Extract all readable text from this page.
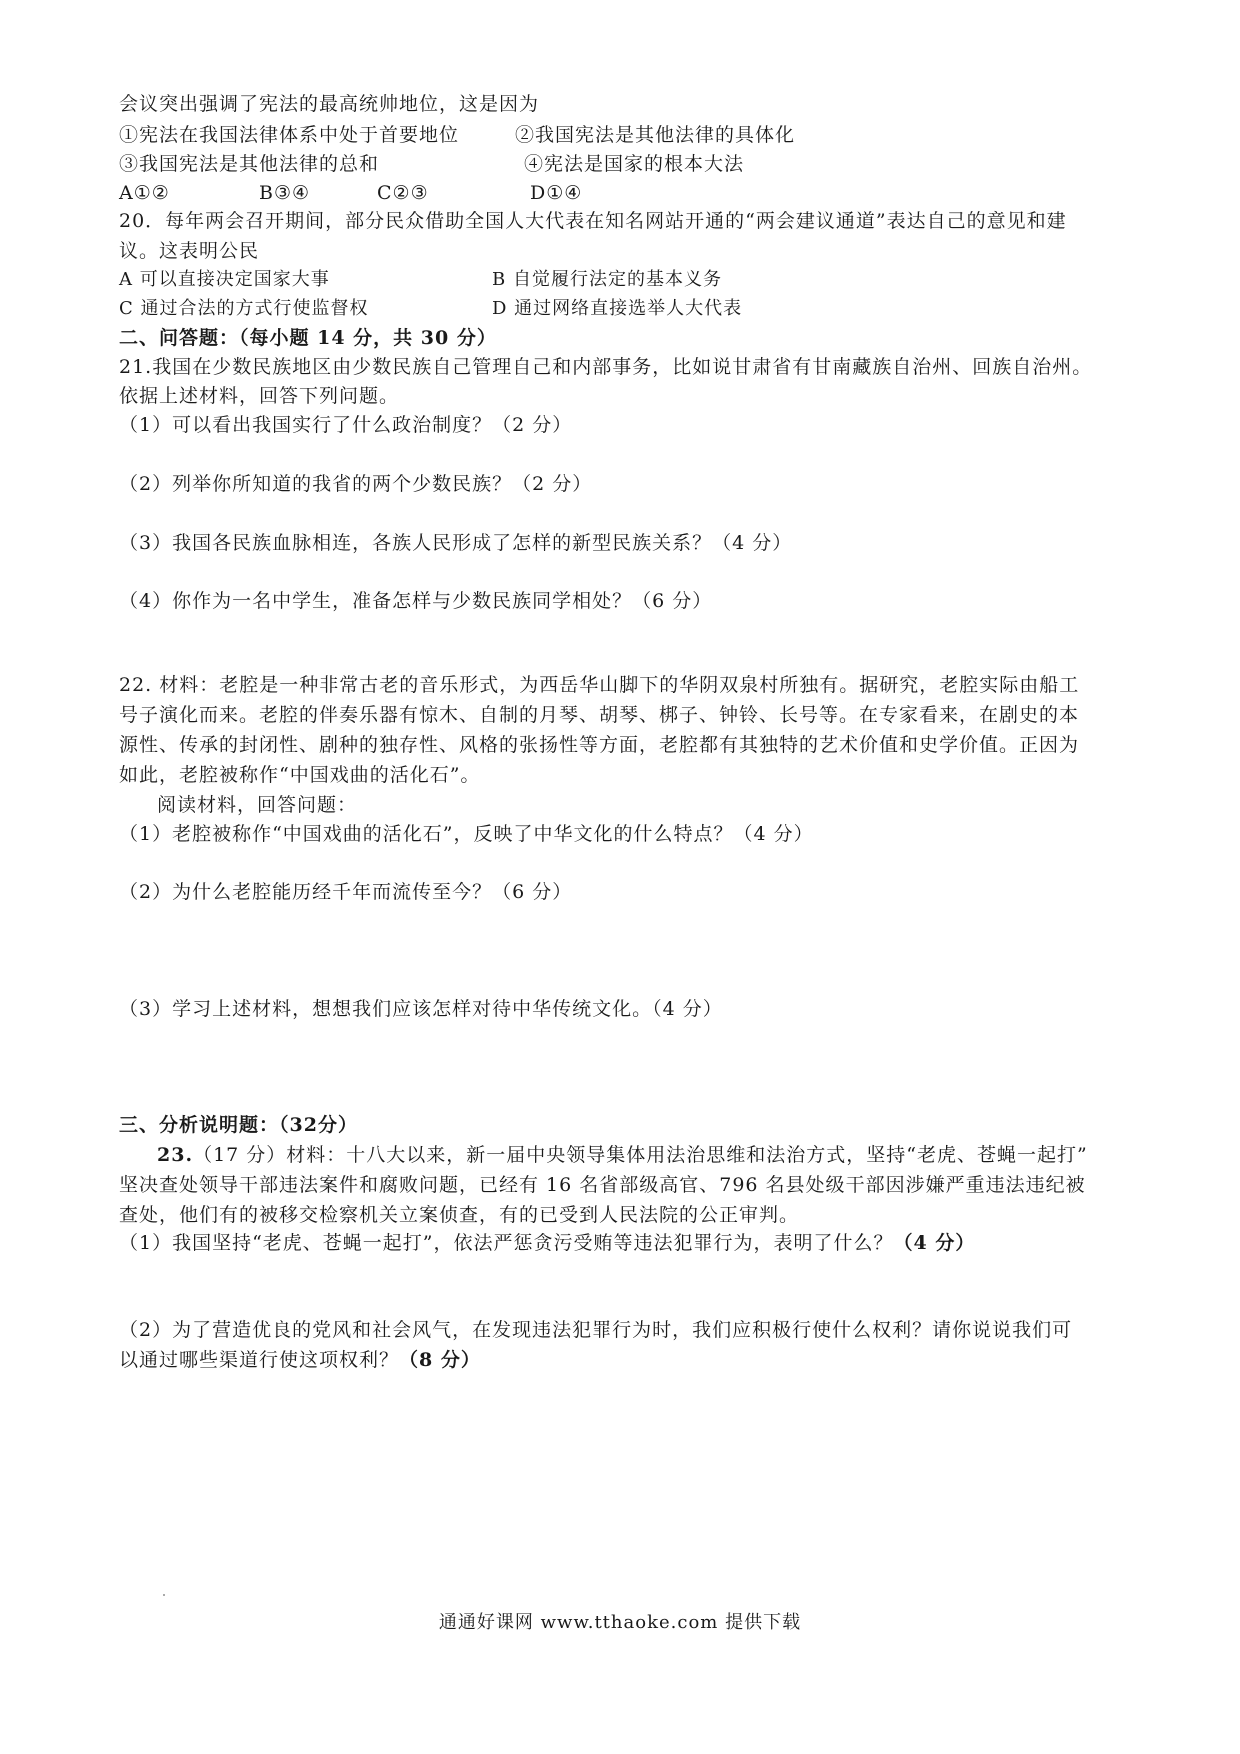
会议突出强调了宪法的最高统帅地位，这是因为
①宪法在我国法律体系中处于首要地位	②我国宪法是其他法律的具体化
③我国宪法是其他法律的总和	④宪法是国家的根本大法
A①②	B③④	C②③	D①④
20．每年两会召开期间，部分民众借助全国人大代表在知名网站开通的“两会建议通道”表达自己的意见和建
议。这表明公民
A 可以直接决定国家大事	B 自觉履行法定的基本义务
C 通过合法的方式行使监督权	D 通过网络直接选举人大代表
二、问答题：（每小题 14 分，共 30 分）
21.我国在少数民族地区由少数民族自己管理自己和内部事务，比如说甘肃省有甘南藏族自治州、回族自治州。
依据上述材料，回答下列问题。
（1）可以看出我国实行了什么政治制度？（2 分）
（2）列举你所知道的我省的两个少数民族？（2 分）
（3）我国各民族血脉相连，各族人民形成了怎样的新型民族关系？（4 分）
（4）你作为一名中学生，准备怎样与少数民族同学相处？（6 分）
22. 材料：老腔是一种非常古老的音乐形式，为西岳华山脚下的华阴双泉村所独有。据研究，老腔实际由船工
号子演化而来。老腔的伴奏乐器有惊木、自制的月琴、胡琴、梆子、钟铃、长号等。在专家看来，在剧史的本
源性、传承的封闭性、剧种的独存性、风格的张扬性等方面，老腔都有其独特的艺术价值和史学价值。正因为
如此，老腔被称作“中国戏曲的活化石”。
阅读材料，回答问题：
（1）老腔被称作“中国戏曲的活化石”，反映了中华文化的什么特点？（4 分）
（2）为什么老腔能历经千年而流传至今？（6 分）
（3）学习上述材料，想想我们应该怎样对待中华传统文化。（4 分）
三、分析说明题：（32分）
23.（17 分）材料：十八大以来，新一届中央领导集体用法治思维和法治方式，坚持“老虎、苍蝇一起打”
坚决查处领导干部违法案件和腐败问题，已经有 16 名省部级高官、796 名县处级干部因涉嫌严重违法违纪被
查处，他们有的被移交检察机关立案侦查，有的已受到人民法院的公正审判。
（1）我国坚持“老虎、苍蝇一起打”，依法严惩贪污受贿等违法犯罪行为，表明了什么？（4 分）
（2）为了营造优良的党风和社会风气，在发现违法犯罪行为时，我们应积极行使什么权利？请你说说我们可
以通过哪些渠道行使这项权利？（8 分）
通通好课网 www.tthaoke.com 提供下载
